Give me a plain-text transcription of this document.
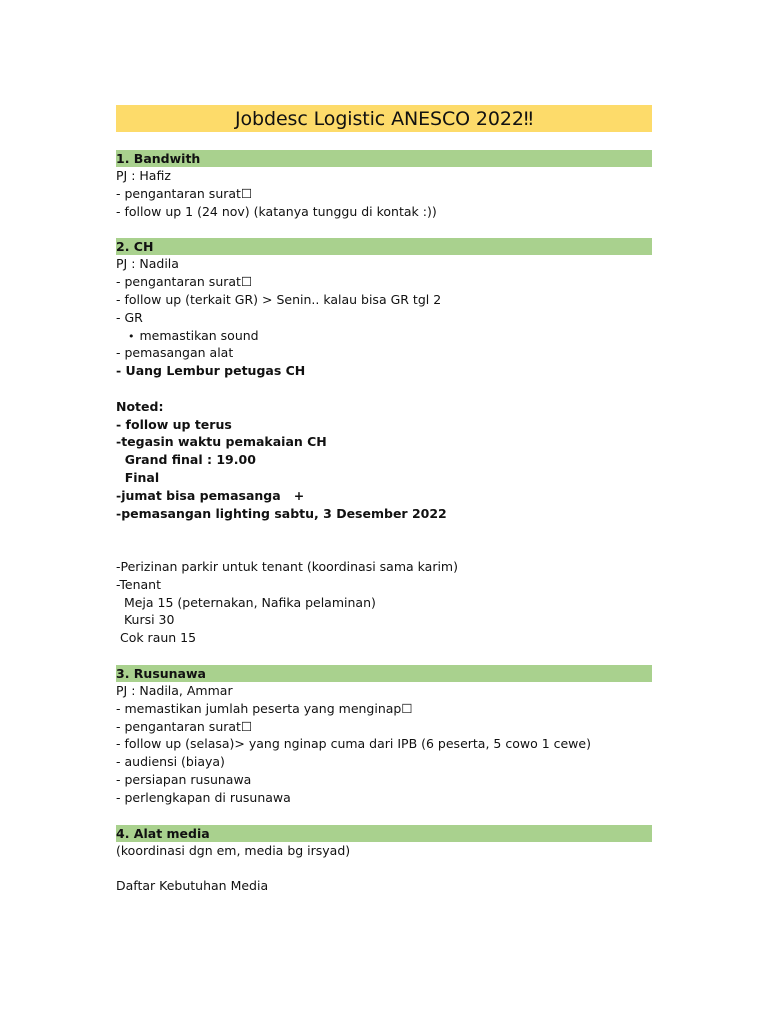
Jobdesc Logistic ANESCO 2022‼
1. Bandwith
PJ : Hafiz
- pengantaran surat☐
- follow up 1 (24 nov) (katanya tunggu di kontak :))
2. CH
PJ : Nadila
- pengantaran surat☐
- follow up (terkait GR) > Senin.. kalau bisa GR tgl 2
- GR
• memastikan sound
- pemasangan alat
- Uang Lembur petugas CH
Noted:
- follow up terus
-tegasin waktu pemakaian CH
Grand final : 19.00
Final
-jumat bisa pemasanga   +
-pemasangan lighting sabtu, 3 Desember 2022
-Perizinan parkir untuk tenant (koordinasi sama karim)
-Tenant
Meja 15 (peternakan, Nafika pelaminan)
Kursi 30
Cok raun 15
3. Rusunawa
PJ : Nadila, Ammar
- memastikan jumlah peserta yang menginap☐
- pengantaran surat☐
- follow up (selasa)> yang nginap cuma dari IPB (6 peserta, 5 cowo 1 cewe)
- audiensi (biaya)
- persiapan rusunawa
- perlengkapan di rusunawa
4. Alat media
(koordinasi dgn em, media bg irsyad)
Daftar Kebutuhan Media
